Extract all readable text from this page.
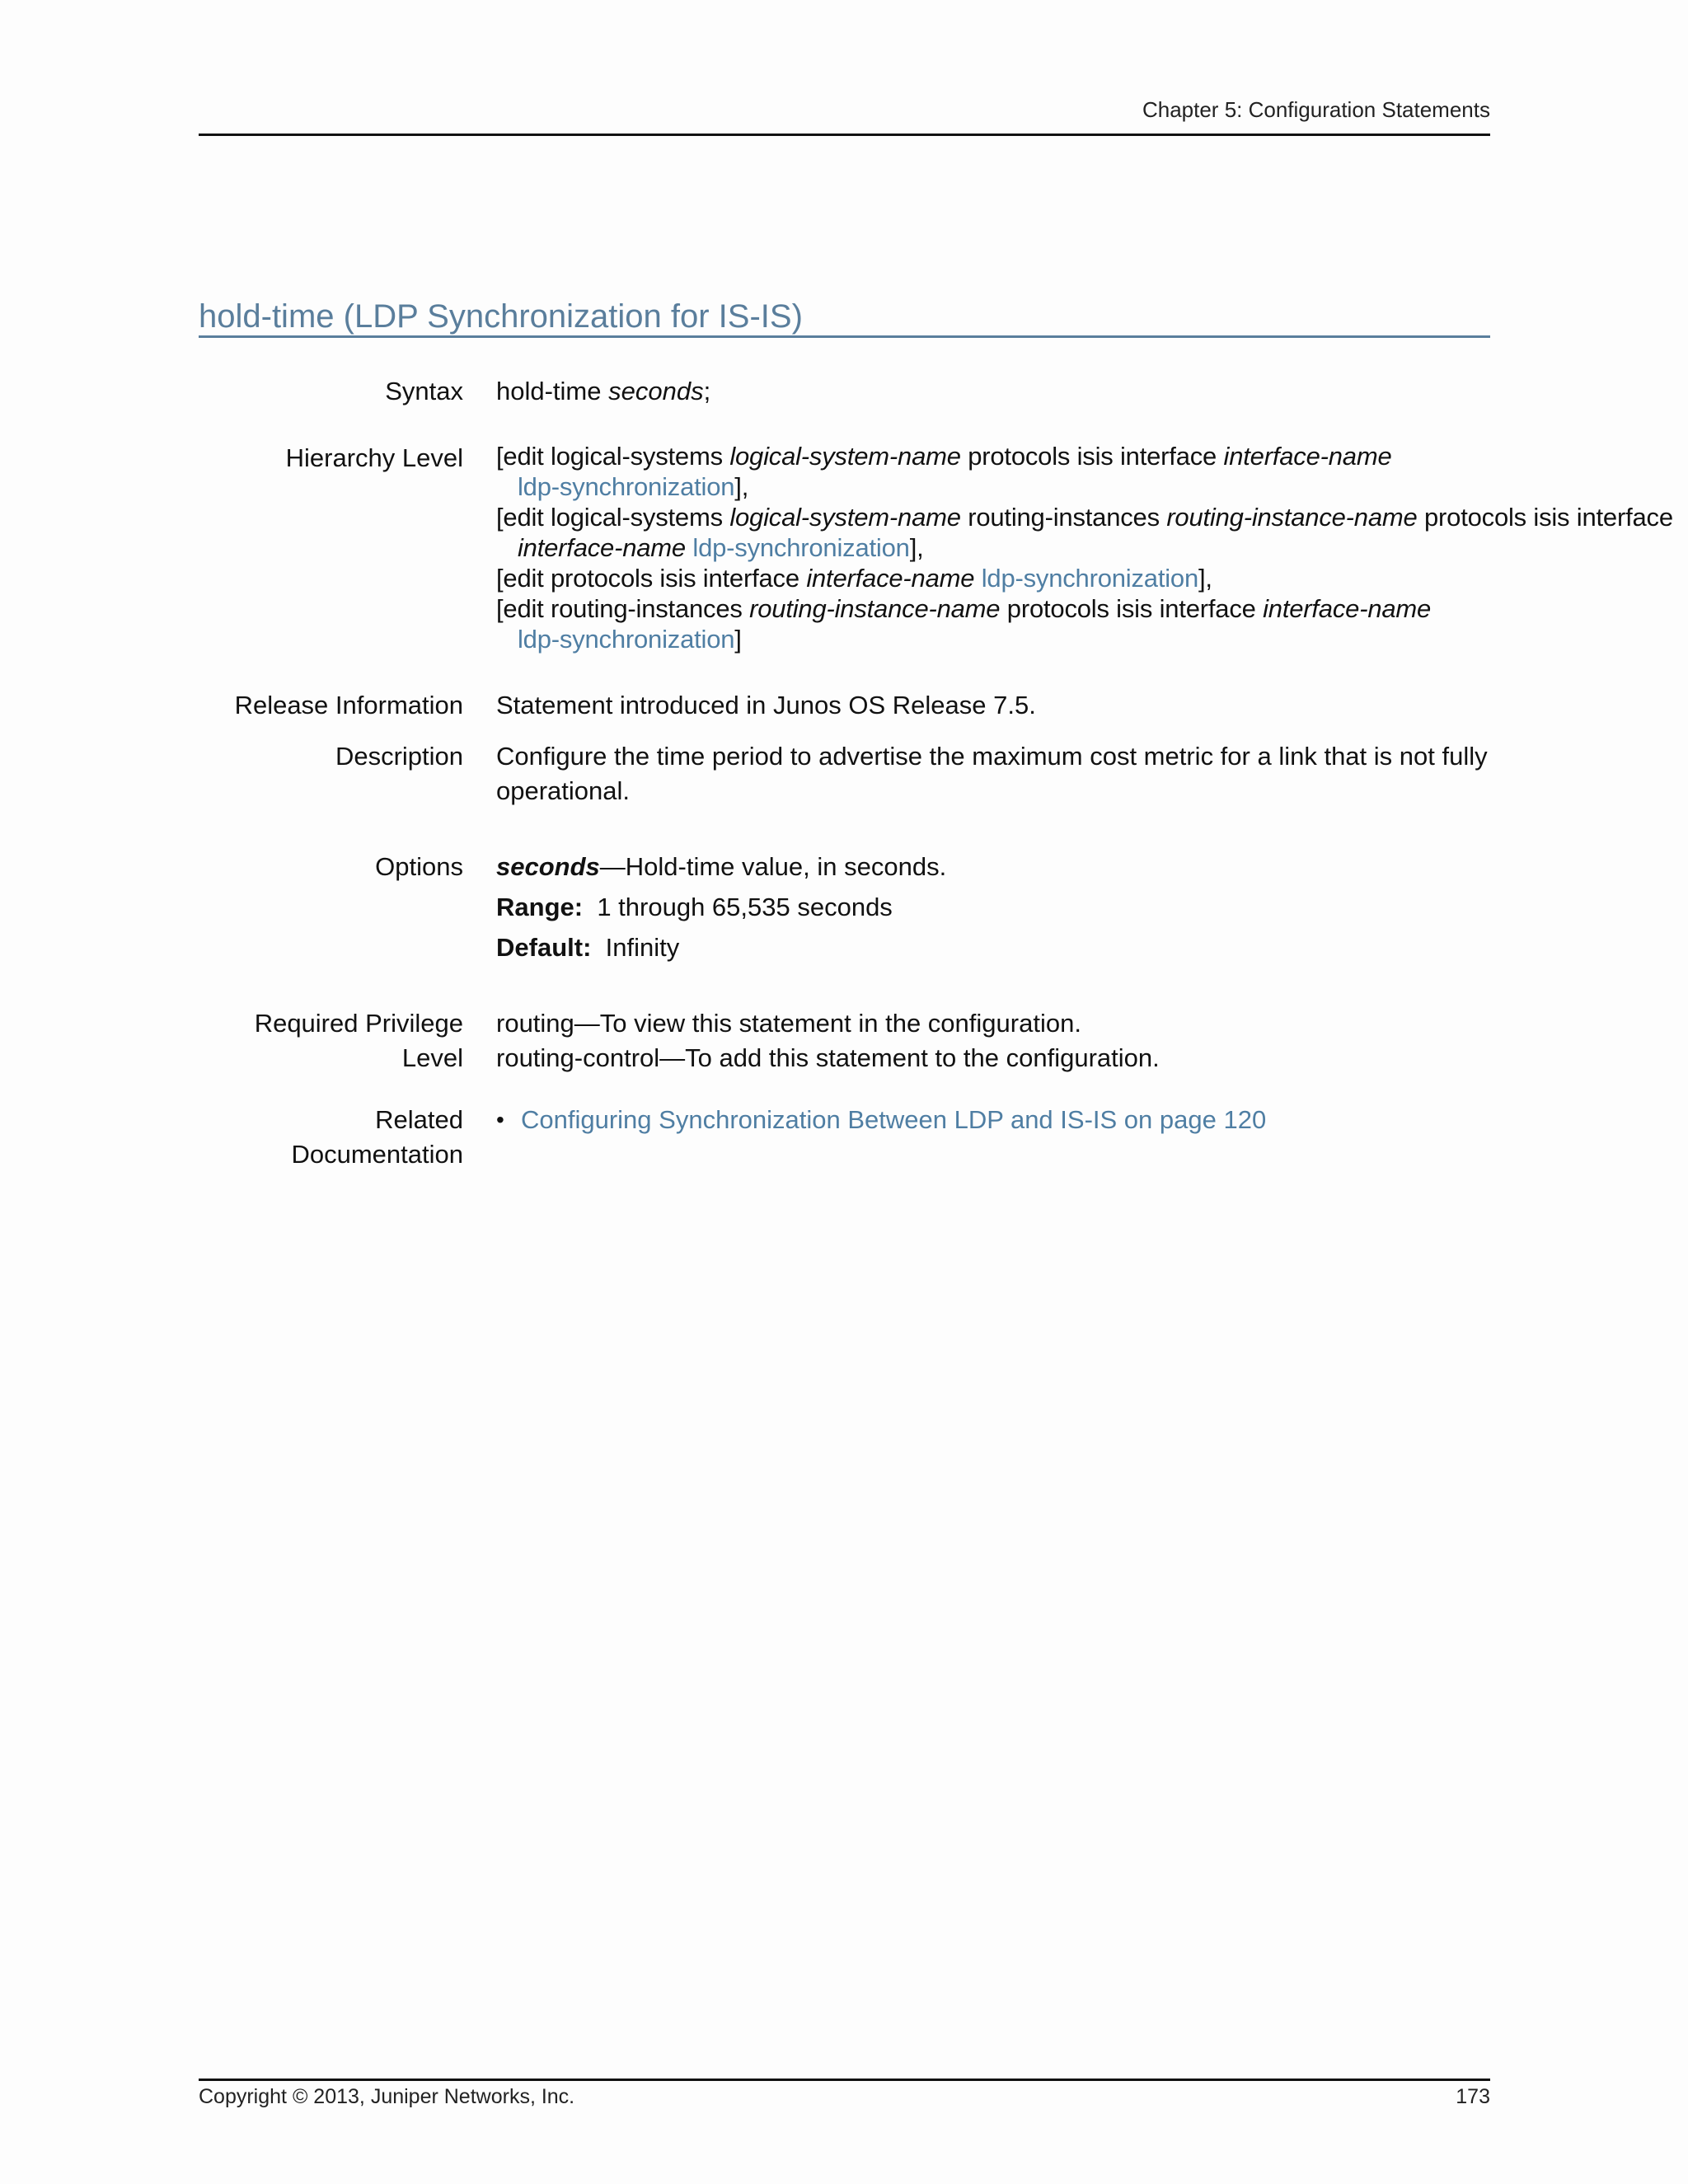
Chapter 5: Configuration Statements
hold-time (LDP Synchronization for IS-IS)
Syntax hold-time seconds;
Hierarchy Level [edit logical-systems logical-system-name protocols isis interface interface-name
ldp-synchronization],

[edit logical-systems logical-system-name routing-instances routing-instance-name protocols isis interface
interface-name ldp-synchronization],

[edit protocols isis interface interface-name ldp-synchronization],

[edit routing-instances routing-instance-name protocols isis interface interface-name
ldp-synchronization]

Release Information Statement introduced in Junos OS Release 7.5.
Description Configure the time period to advertise the maximum cost metric for a link that is not fully operational.
Options seconds—Hold-time value, in seconds.

Range: 1 through 65,535 seconds

Default: Infinity

Required Privilege
Level
routing—To view this statement in the configuration.
routing-control—To add this statement to the configuration.
Related
Documentation
• Configuring Synchronization Between LDP and IS-IS on page 120
Copyright © 2013, Juniper Networks, Inc.	173
